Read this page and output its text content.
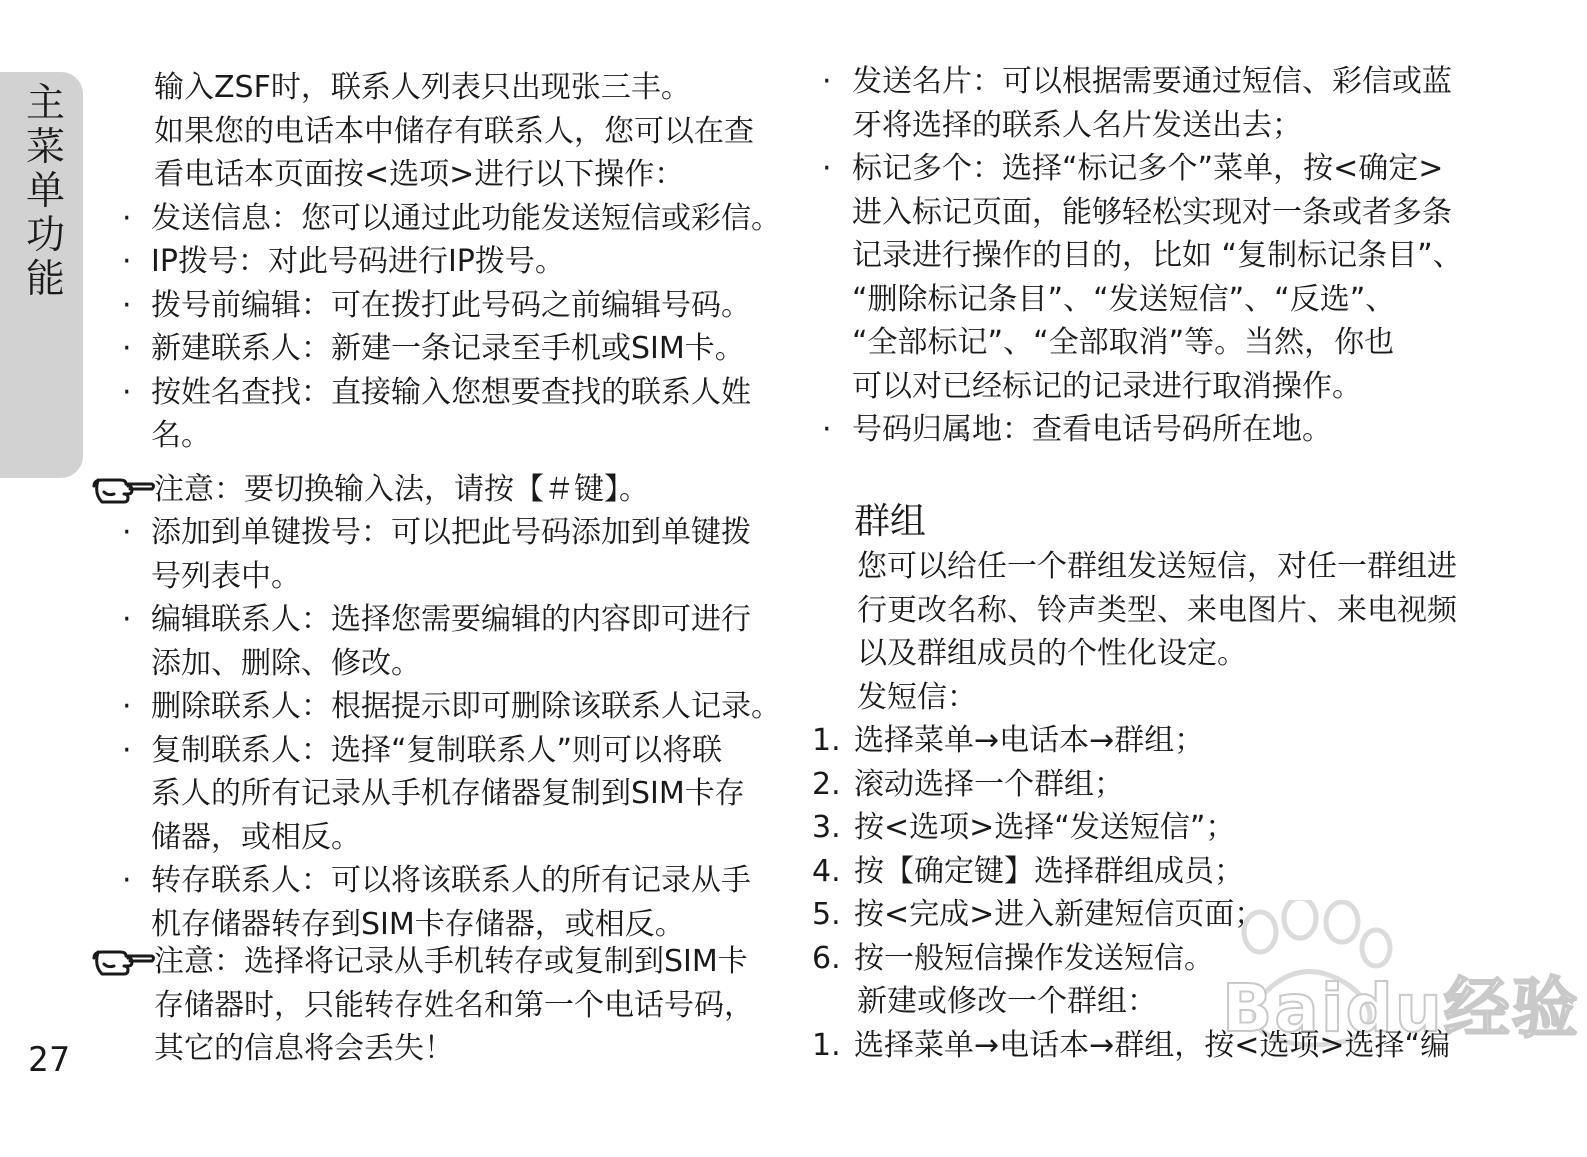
主菜单功能
27
Baidu经验
输入ZSF时，联系人列表只出现张三丰。
如果您的电话本中储存有联系人，您可以在查
看电话本页面按<选项>进行以下操作：
· 发送信息：您可以通过此功能发送短信或彩信。
· IP拨号：对此号码进行IP拨号。
· 拨号前编辑：可在拨打此号码之前编辑号码。
· 新建联系人：新建一条记录至手机或SIM卡。
· 按姓名查找：直接输入您想要查找的联系人姓
名。
注意：要切换输入法，请按【＃键】。
· 添加到单键拨号：可以把此号码添加到单键拨
号列表中。
· 编辑联系人：选择您需要编辑的内容即可进行
添加、删除、修改。
· 删除联系人：根据提示即可删除该联系人记录。
· 复制联系人：选择“复制联系人”则可以将联
系人的所有记录从手机存储器复制到SIM卡存
储器，或相反。
· 转存联系人：可以将该联系人的所有记录从手
机存储器转存到SIM卡存储器，或相反。
注意：选择将记录从手机转存或复制到SIM卡
存储器时，只能转存姓名和第一个电话号码，
其它的信息将会丢失！
· 发送名片：可以根据需要通过短信、彩信或蓝
牙将选择的联系人名片发送出去；
· 标记多个：选择“标记多个”菜单，按<确定>
进入标记页面，能够轻松实现对一条或者多条
记录进行操作的目的，比如 “复制标记条目”、
“删除标记条目”、“发送短信”、“反选”、
“全部标记”、“全部取消”等。当然，你也
可以对已经标记的记录进行取消操作。
· 号码归属地：查看电话号码所在地。
群组
您可以给任一个群组发送短信，对任一群组进
行更改名称、铃声类型、来电图片、来电视频
以及群组成员的个性化设定。
发短信：
1. 选择菜单→电话本→群组；
2. 滚动选择一个群组；
3. 按<选项>选择“发送短信”；
4. 按【确定键】选择群组成员；
5. 按<完成>进入新建短信页面；
6. 按一般短信操作发送短信。
新建或修改一个群组：
1. 选择菜单→电话本→群组，按<选项>选择“编
